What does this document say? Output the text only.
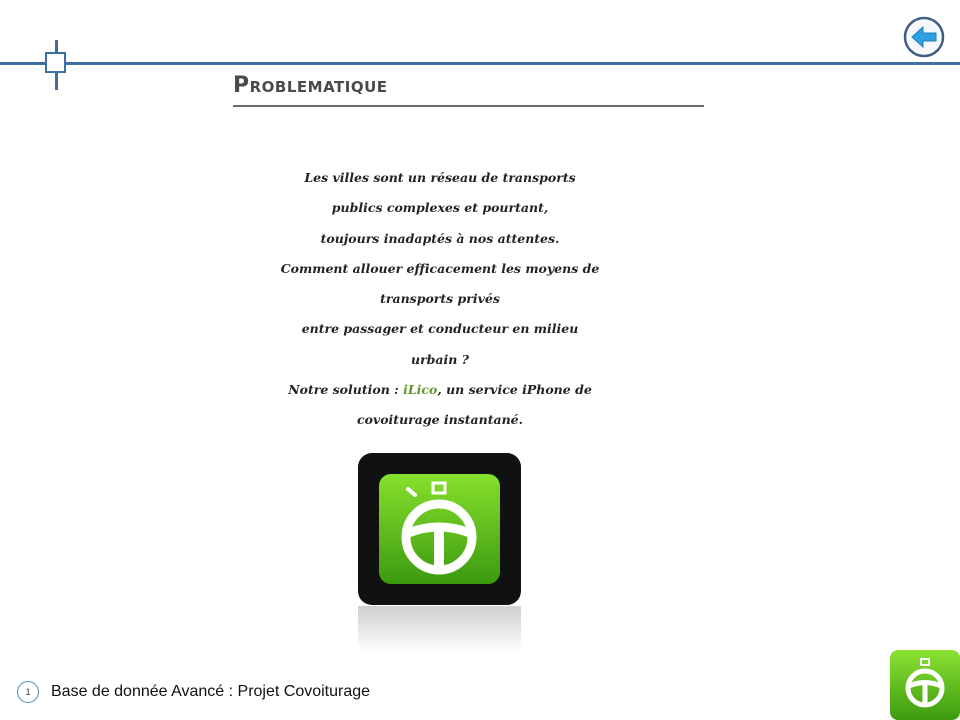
Problematique
Les villes sont un réseau de transports
publics complexes et pourtant,
toujours inadaptés à nos attentes.
Comment allouer efficacement les moyens de
transports privés
entre passager et conducteur en milieu
urbain ?
Notre solution : iLico, un service iPhone de
covoiturage instantané.
1	Base de donnée Avancé : Projet Covoiturage
